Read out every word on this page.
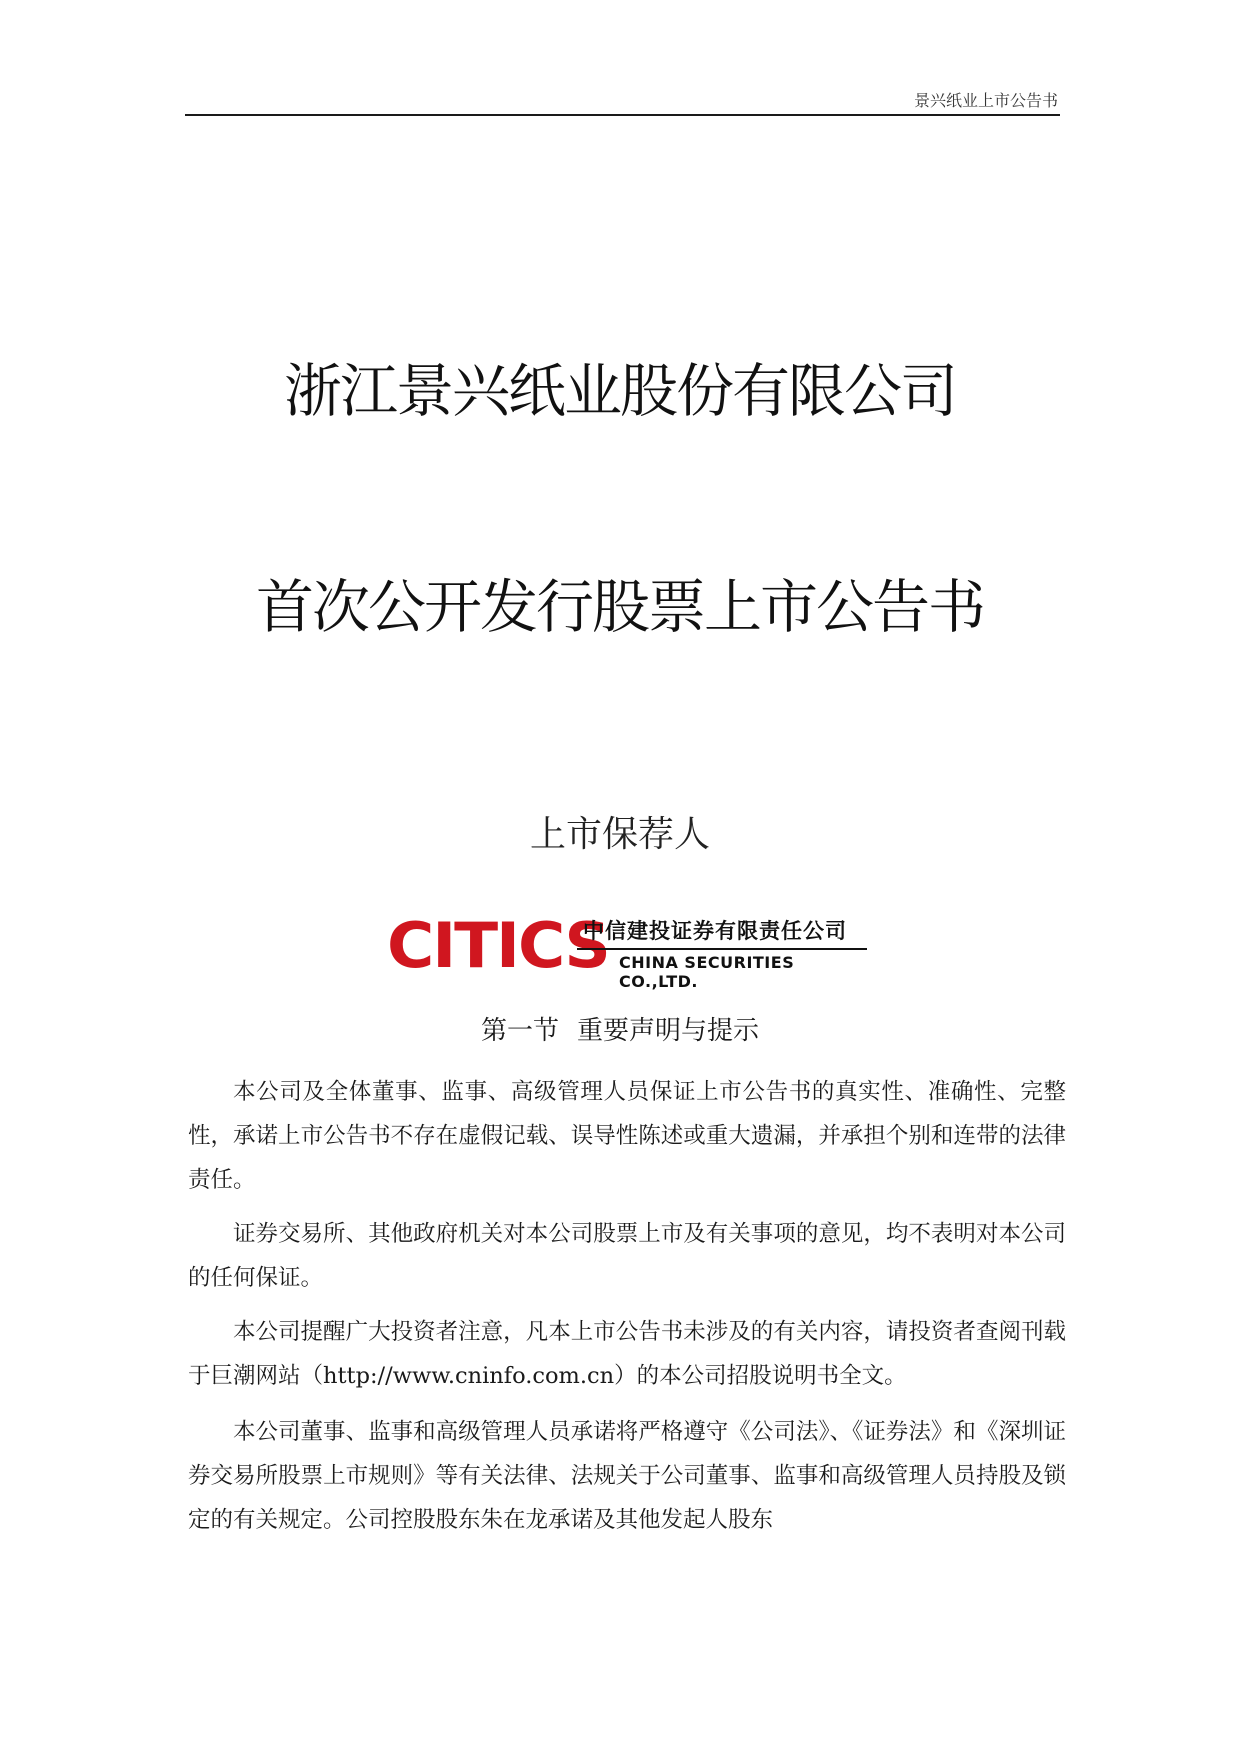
景兴纸业上市公告书
浙江景兴纸业股份有限公司
首次公开发行股票上市公告书
上市保荐人
CITICS
中信建投证券有限责任公司
CHINA SECURITIES CO.,LTD.
第一节 重要声明与提示

本公司及全体董事、监事、高级管理人员保证上市公告书的真实性、准确性、完整性，承诺上市公告书不存在虚假记载、误导性陈述或重大遗漏，并承担个别和连带的法律责任。

证券交易所、其他政府机关对本公司股票上市及有关事项的意见，均不表明对本公司的任何保证。

本公司提醒广大投资者注意，凡本上市公告书未涉及的有关内容，请投资者查阅刊载于巨潮网站（http://www.cninfo.com.cn）的本公司招股说明书全文。

本公司董事、监事和高级管理人员承诺将严格遵守《公司法》、《证券法》和《深圳证券交易所股票上市规则》等有关法律、法规关于公司董事、监事和高级管理人员持股及锁定的有关规定。公司控股股东朱在龙承诺及其他发起人股东
